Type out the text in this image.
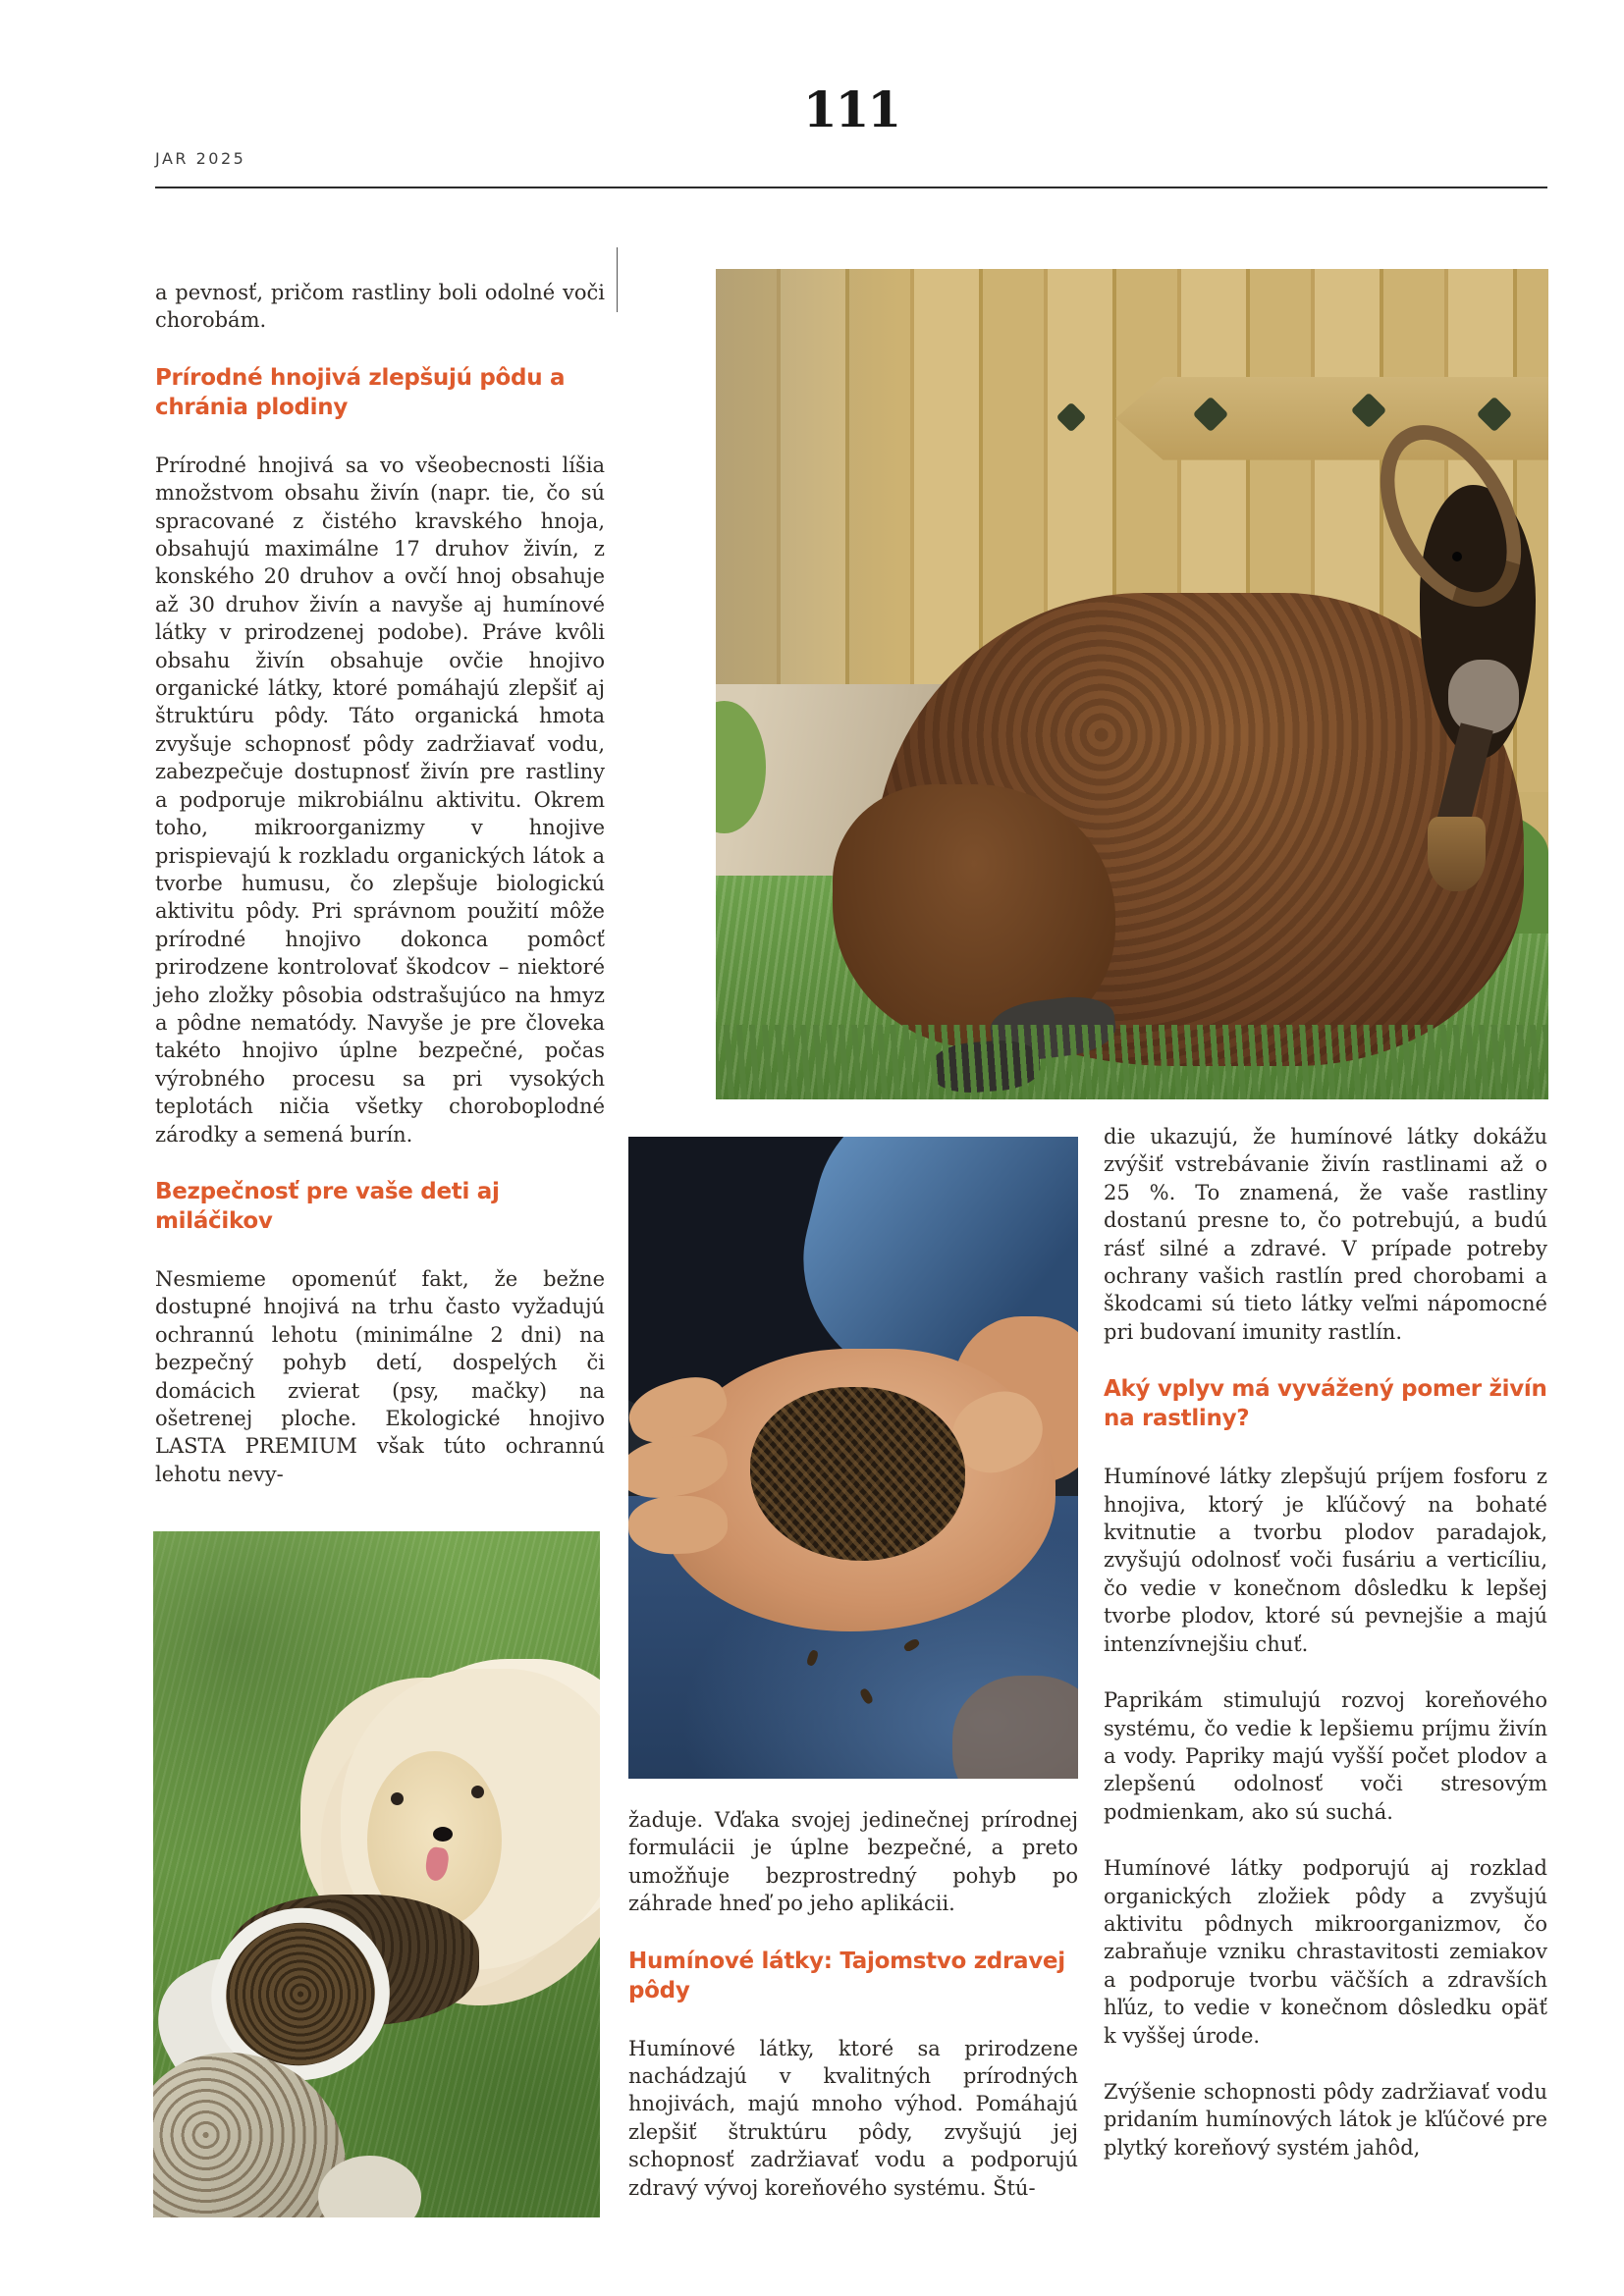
111
JAR 2025

a pevnosť, pričom rastliny boli odolné voči chorobám.

Prírodné hnojivá zlepšujú pôdu a chránia plodiny

Prírodné hnojivá sa vo všeobecnosti líšia množstvom obsahu živín (napr. tie, čo sú spracované z čistého kravského hnoja, obsahujú maximálne 17 druhov živín, z konského 20 druhov a ovčí hnoj obsahuje až 30 druhov živín a navyše aj humínové látky v prirodzenej podobe). Práve kvôli obsahu živín obsahuje ovčie hnojivo organické látky, ktoré pomáhajú zlepšiť aj štruktúru pôdy. Táto organická hmota zvyšuje schopnosť pôdy zadržiavať vodu, zabezpečuje dostupnosť živín pre rastliny a podporuje mikrobiálnu aktivitu. Okrem toho, mikroorganizmy v hnojive prispievajú k rozkladu organických látok a tvorbe humusu, čo zlepšuje biologickú aktivitu pôdy. Pri správnom použití môže prírodné hnojivo dokonca pomôcť prirodzene kontrolovať škodcov – niektoré jeho zložky pôsobia odstrašujúco na hmyz a pôdne nematódy. Navyše je pre človeka takéto hnojivo úplne bezpečné, počas výrobného procesu sa pri vysokých teplotách ničia všetky choroboplodné zárodky a semená burín.

Bezpečnosť pre vaše deti aj miláčikov

Nesmieme opomenúť fakt, že bežne dostupné hnojivá na trhu často vyžadujú ochrannú lehotu (minimálne 2 dni) na bezpečný pohyb detí, dospelých či domácich zvierat (psy, mačky) na ošetrenej ploche. Ekologické hnojivo LASTA PREMIUM však túto ochrannú lehotu nevy-

žaduje. Vďaka svojej jedinečnej prírodnej formulácii je úplne bezpečné, a preto umožňuje bezprostredný pohyb po záhrade hneď po jeho aplikácii.

Humínové látky: Tajomstvo zdravej pôdy

Humínové látky, ktoré sa prirodzene nachádzajú v kvalitných prírodných hnojivách, majú mnoho výhod. Pomáhajú zlepšiť štruktúru pôdy, zvyšujú jej schopnosť zadržiavať vodu a podporujú zdravý vývoj koreňového systému. Štú-

die ukazujú, že humínové látky dokážu zvýšiť vstrebávanie živín rastlinami až o 25 %. To znamená, že vaše rastliny dostanú presne to, čo potrebujú, a budú rásť silné a zdravé. V prípade potreby ochrany vašich rastlín pred chorobami a škodcami sú tieto látky veľmi nápomocné pri budovaní imunity rastlín.

Aký vplyv má vyvážený pomer živín na rastliny?

Humínové látky zlepšujú príjem fosforu z hnojiva, ktorý je kľúčový na bohaté kvitnutie a tvorbu plodov paradajok, zvyšujú odolnosť voči fusáriu a verticíliu, čo vedie v konečnom dôsledku k lepšej tvorbe plodov, ktoré sú pevnejšie a majú intenzívnejšiu chuť.

Paprikám stimulujú rozvoj koreňového systému, čo vedie k lepšiemu príjmu živín a vody. Papriky majú vyšší počet plodov a zlepšenú odolnosť voči stresovým podmienkam, ako sú suchá.

Humínové látky podporujú aj rozklad organických zložiek pôdy a zvyšujú aktivitu pôdnych mikroorganizmov, čo zabraňuje vzniku chrastavitosti zemiakov a podporuje tvorbu väčších a zdravších hľúz, to vedie v konečnom dôsledku opäť k vyššej úrode.

Zvýšenie schopnosti pôdy zadržiavať vodu pridaním humínových látok je kľúčové pre plytký koreňový systém jahôd,
